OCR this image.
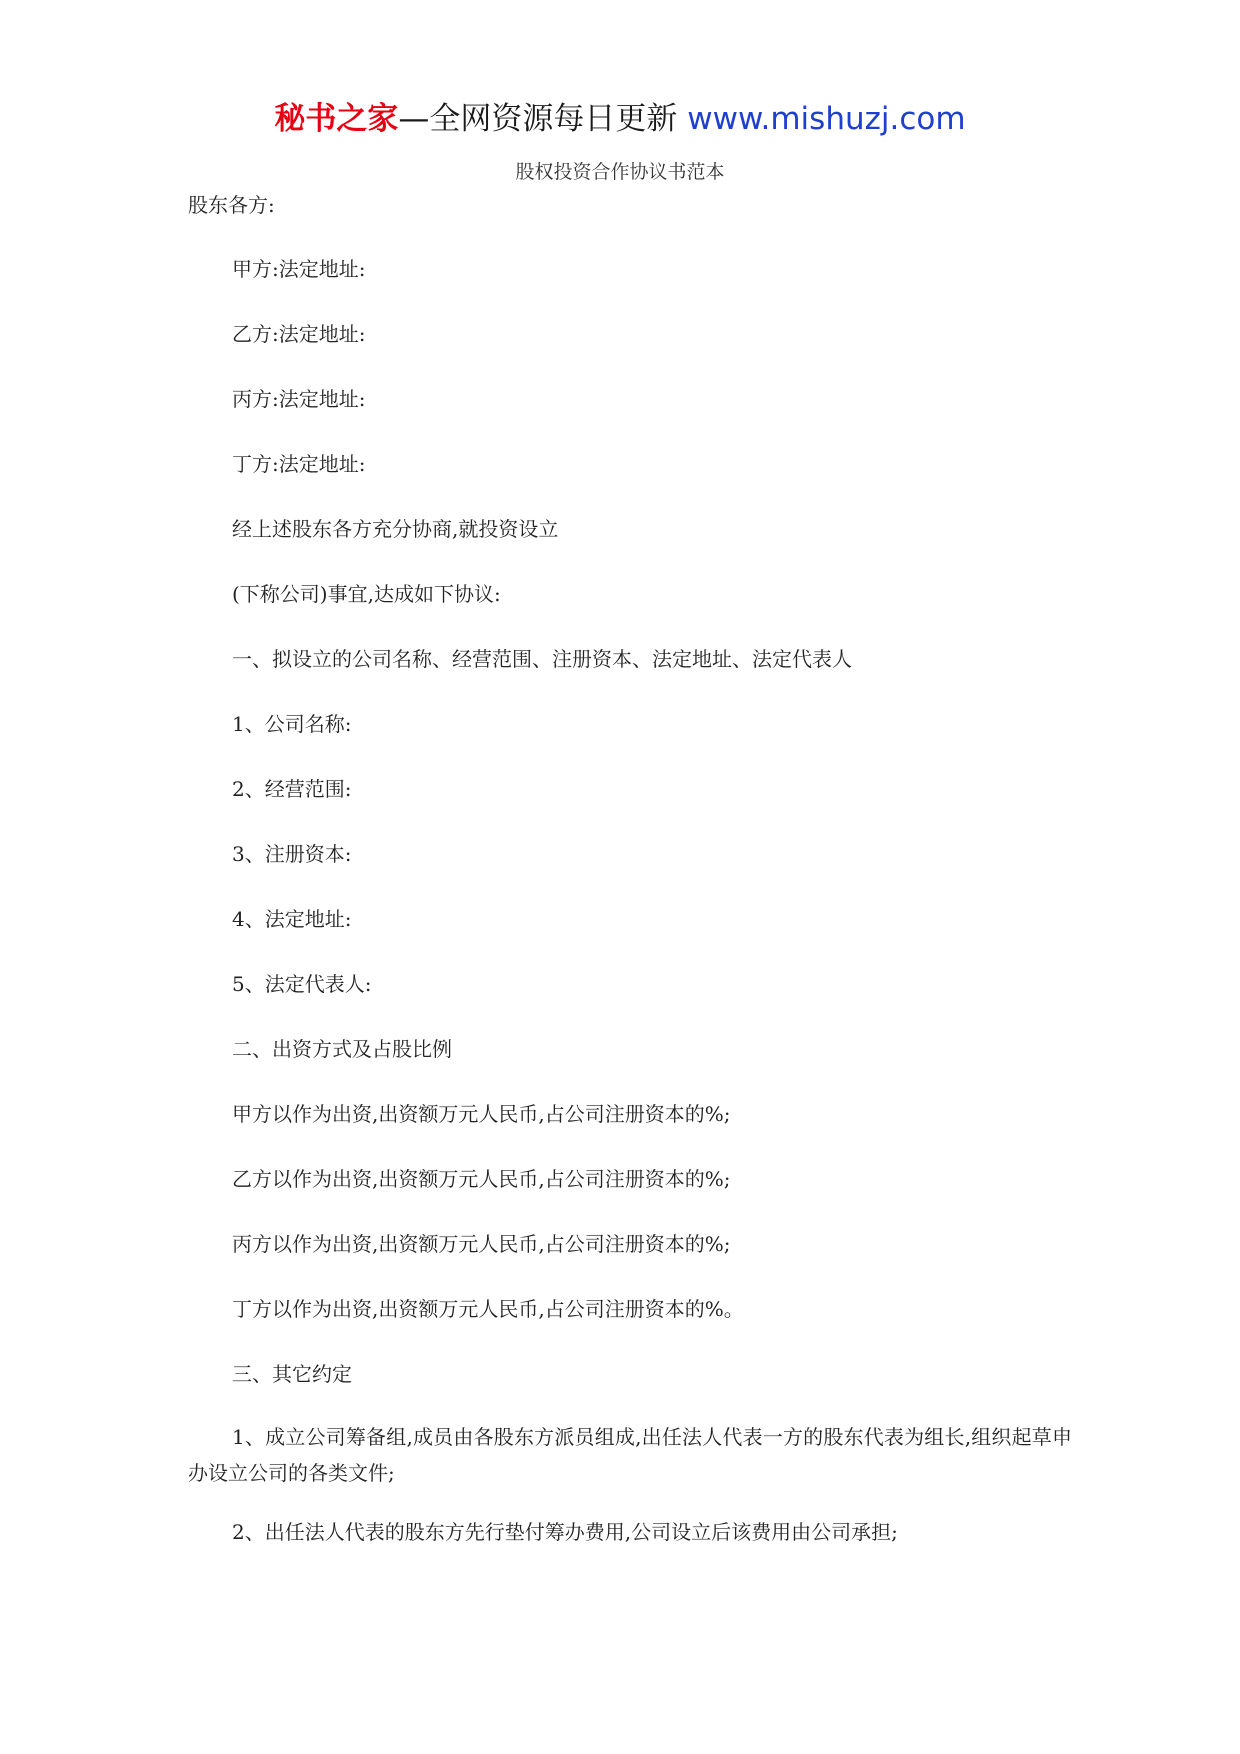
秘书之家—全网资源每日更新 www.mishuzj.com
股权投资合作协议书范本
股东各方:
甲方:法定地址:
乙方:法定地址:
丙方:法定地址:
丁方:法定地址:
经上述股东各方充分协商,就投资设立
(下称公司)事宜,达成如下协议:
一、拟设立的公司名称、经营范围、注册资本、法定地址、法定代表人
1、公司名称:
2、经营范围:
3、注册资本:
4、法定地址:
5、法定代表人:
二、出资方式及占股比例
甲方以作为出资,出资额万元人民币,占公司注册资本的%;
乙方以作为出资,出资额万元人民币,占公司注册资本的%;
丙方以作为出资,出资额万元人民币,占公司注册资本的%;
丁方以作为出资,出资额万元人民币,占公司注册资本的%。
三、其它约定
1、成立公司筹备组,成员由各股东方派员组成,出任法人代表一方的股东代表为组长,组织起草申办设立公司的各类文件;
2、出任法人代表的股东方先行垫付筹办费用,公司设立后该费用由公司承担;
